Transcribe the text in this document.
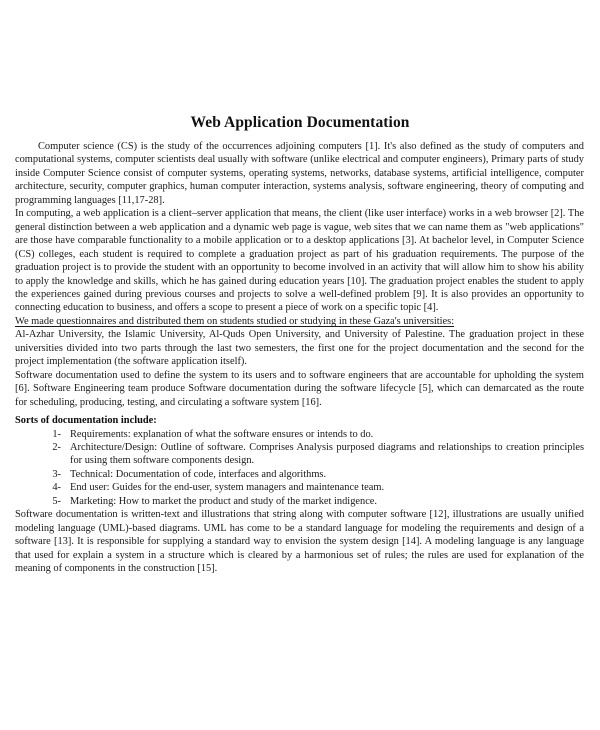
Web Application Documentation

Computer science (CS) is the study of the occurrences adjoining computers [1]. It's also defined as the study of computers and computational systems, computer scientists deal usually with software (unlike electrical and computer engineers), Primary parts of study inside Computer Science consist of computer systems, operating systems, networks, database systems, artificial intelligence, computer architecture, security, computer graphics, human computer interaction, systems analysis, software engineering, theory of computing and programming languages [11,17-28].

In computing, a web application is a client–server application that means, the client (like user interface) works in a web browser [2]. The general distinction between a web application and a dynamic web page is vague, web sites that we can name them as "web applications" are those have comparable functionality to a mobile application or to a desktop applications [3]. At bachelor level, in Computer Science (CS) colleges, each student is required to complete a graduation project as part of his graduation requirements. The purpose of the graduation project is to provide the student with an opportunity to become involved in an activity that will allow him to show his ability to apply the knowledge and skills, which he has gained during education years [10]. The graduation project enables the student to apply the experiences gained during previous courses and projects to solve a well-defined problem [9]. It is also provides an opportunity to connecting education to business, and offers a scope to present a piece of work on a specific topic [4].

We made questionnaires and distributed them on students studied or studying in these Gaza's universities:

Al-Azhar University, the Islamic University, Al-Quds Open University, and University of Palestine. The graduation project in these universities divided into two parts through the last two semesters, the first one for the project documentation and the second for the project implementation (the software application itself).

Software documentation used to define the system to its users and to software engineers that are accountable for upholding the system [6]. Software Engineering team produce Software documentation during the software lifecycle [5], which can demarcated as the route for scheduling, producing, testing, and circulating a software system [16].

Sorts of documentation include:

1- Requirements: explanation of what the software ensures or intends to do.
2- Architecture/Design: Outline of software. Comprises Analysis purposed diagrams and relationships to creation principles for using them software components design.
3- Technical: Documentation of code, interfaces and algorithms.
4- End user: Guides for the end-user, system managers and maintenance team.
5- Marketing: How to market the product and study of the market indigence.

Software documentation is written-text and illustrations that string along with computer software [12], illustrations are usually unified modeling language (UML)-based diagrams. UML has come to be a standard language for modeling the requirements and design of a software [13]. It is responsible for supplying a standard way to envision the system design [14]. A modeling language is any language that used for explain a system in a structure which is cleared by a harmonious set of rules; the rules are used for explanation of the meaning of components in the construction [15].
